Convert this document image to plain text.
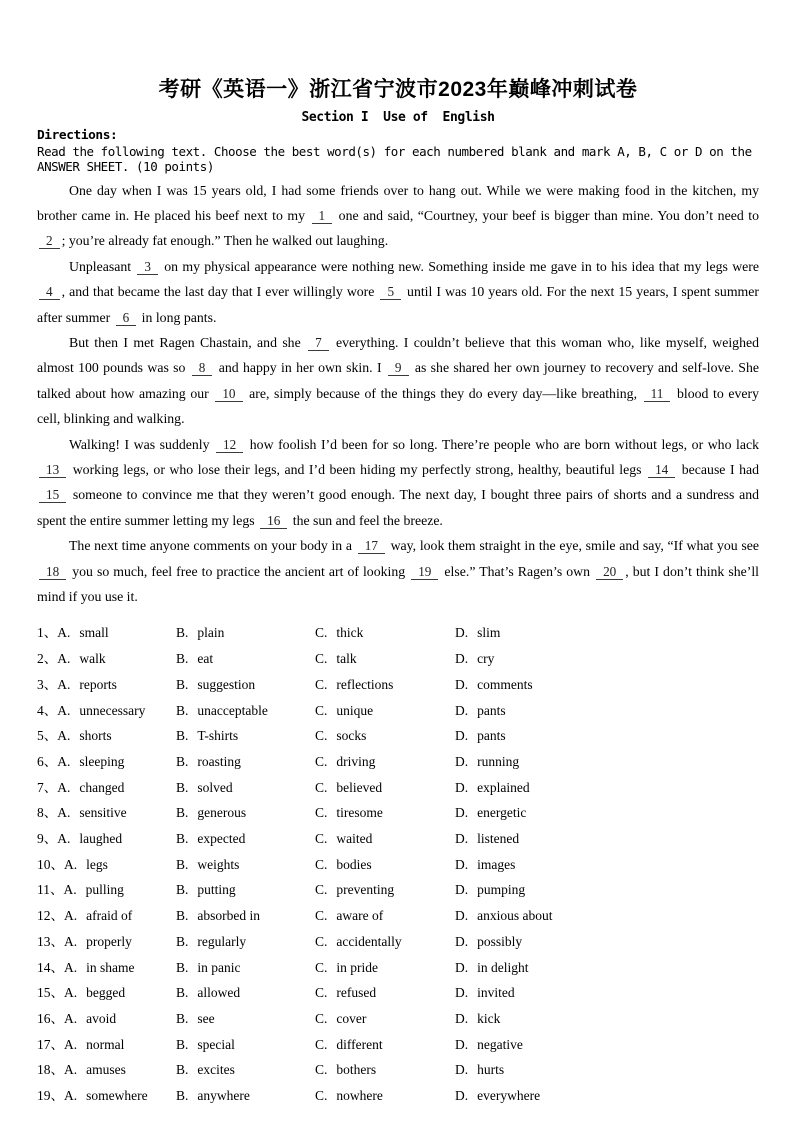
考研《英语一》浙江省宁波市2023年巅峰冲刺试卷
Section I  Use of  English
Directions:
Read the following text. Choose the best word(s) for each numbered blank and mark A, B, C or D on the ANSWER SHEET. (10 points)

One day when I was 15 years old, I had some friends over to hang out. While we were making food in the kitchen, my brother came in. He placed his beef next to my 1 one and said, “Courtney, your beef is bigger than mine. You don’t need to 2 ; you’re already fat enough.” Then he walked out laughing.

Unpleasant 3 on my physical appearance were nothing new. Something inside me gave in to his idea that my legs were 4 , and that became the last day that I ever willingly wore 5 until I was 10 years old. For the next 15 years, I spent summer after summer 6 in long pants.

But then I met Ragen Chastain, and she 7 everything. I couldn’t believe that this woman who, like myself, weighed almost 100 pounds was so 8 and happy in her own skin. I 9 as she shared her own journey to recovery and self-love. She talked about how amazing our 10 are, simply because of the things they do every day—like breathing, 11 blood to every cell, blinking and walking.

Walking! I was suddenly 12 how foolish I’d been for so long. There’re people who are born without legs, or who lack 13 working legs, or who lose their legs, and I’d been hiding my perfectly strong, healthy, beautiful legs 14 because I had 15 someone to convince me that they weren’t good enough. The next day, I bought three pairs of shorts and a sundress and spent the entire summer letting my legs 16 the sun and feel the breeze.

The next time anyone comments on your body in a 17 way, look them straight in the eye, smile and say, “If what you see 18 you so much, feel free to practice the ancient art of looking 19 else.” That’s Ragen’s own 20 , but I don’t think she’ll mind if you use it.

1、A. small	B. plain	C. thick	D. slim
2、A. walk	B. eat	C. talk	D. cry
3、A. reports	B. suggestion	C. reflections	D. comments
4、A. unnecessary	B. unacceptable	C. unique	D. pants
5、A. shorts	B. T-shirts	C. socks	D. pants
6、A. sleeping	B. roasting	C. driving	D. running
7、A. changed	B. solved	C. believed	D. explained
8、A. sensitive	B. generous	C. tiresome	D. energetic
9、A. laughed	B. expected	C. waited	D. listened
10、A. legs	B. weights	C. bodies	D. images
11、A. pulling	B. putting	C. preventing	D. pumping
12、A. afraid of	B. absorbed in	C. aware of	D. anxious about
13、A. properly	B. regularly	C. accidentally	D. possibly
14、A. in shame	B. in panic	C. in pride	D. in delight
15、A. begged	B. allowed	C. refused	D. invited
16、A. avoid	B. see	C. cover	D. kick
17、A. normal	B. special	C. different	D. negative
18、A. amuses	B. excites	C. bothers	D. hurts
19、A. somewhere	B. anywhere	C. nowhere	D. everywhere
